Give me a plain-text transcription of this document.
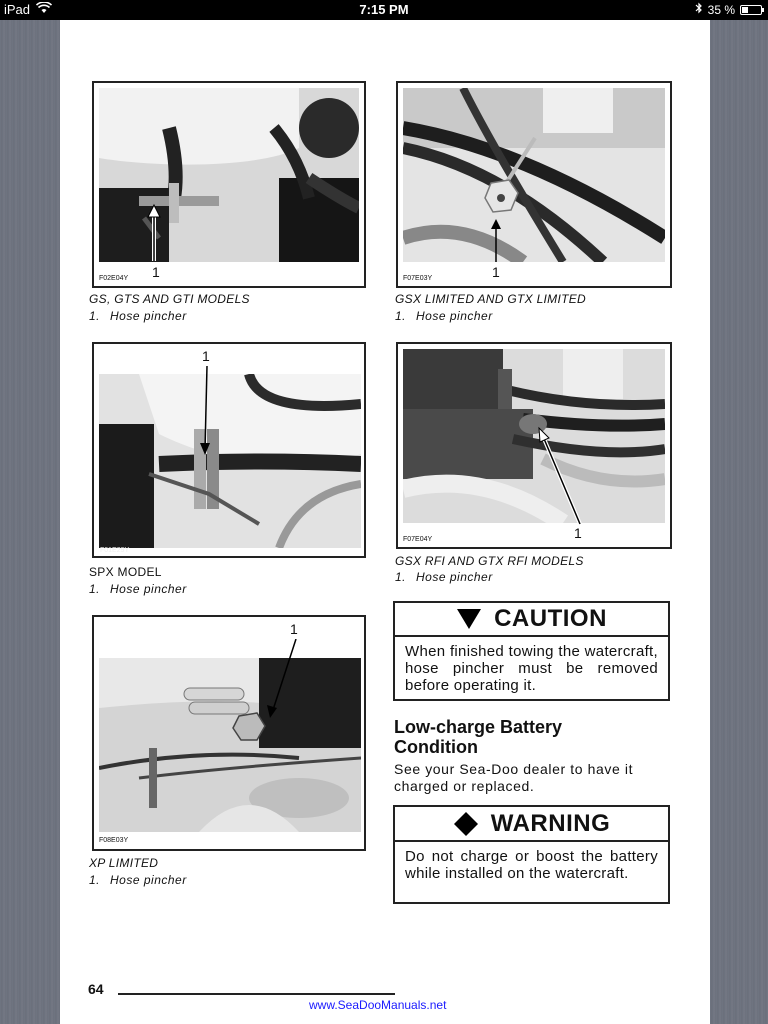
iPad	7:15 PM	35 %
1
F02E04Y
GS, GTS AND GTI MODELS
1. Hose pincher
1
F07E03Y
GSX LIMITED AND GTX LIMITED
1. Hose pincher
1
F01E29Y
SPX MODEL
1. Hose pincher
1
F07E04Y
GSX RFI AND GTX RFI MODELS
1. Hose pincher
1
F08E03Y
XP LIMITED
1. Hose pincher
CAUTION
When finished towing the watercraft, hose pincher must be removed before operating it.
Low-charge Battery Condition
See your Sea-Doo dealer to have it charged or replaced.
WARNING
Do not charge or boost the battery while installed on the watercraft.
64
www.SeaDooManuals.net
